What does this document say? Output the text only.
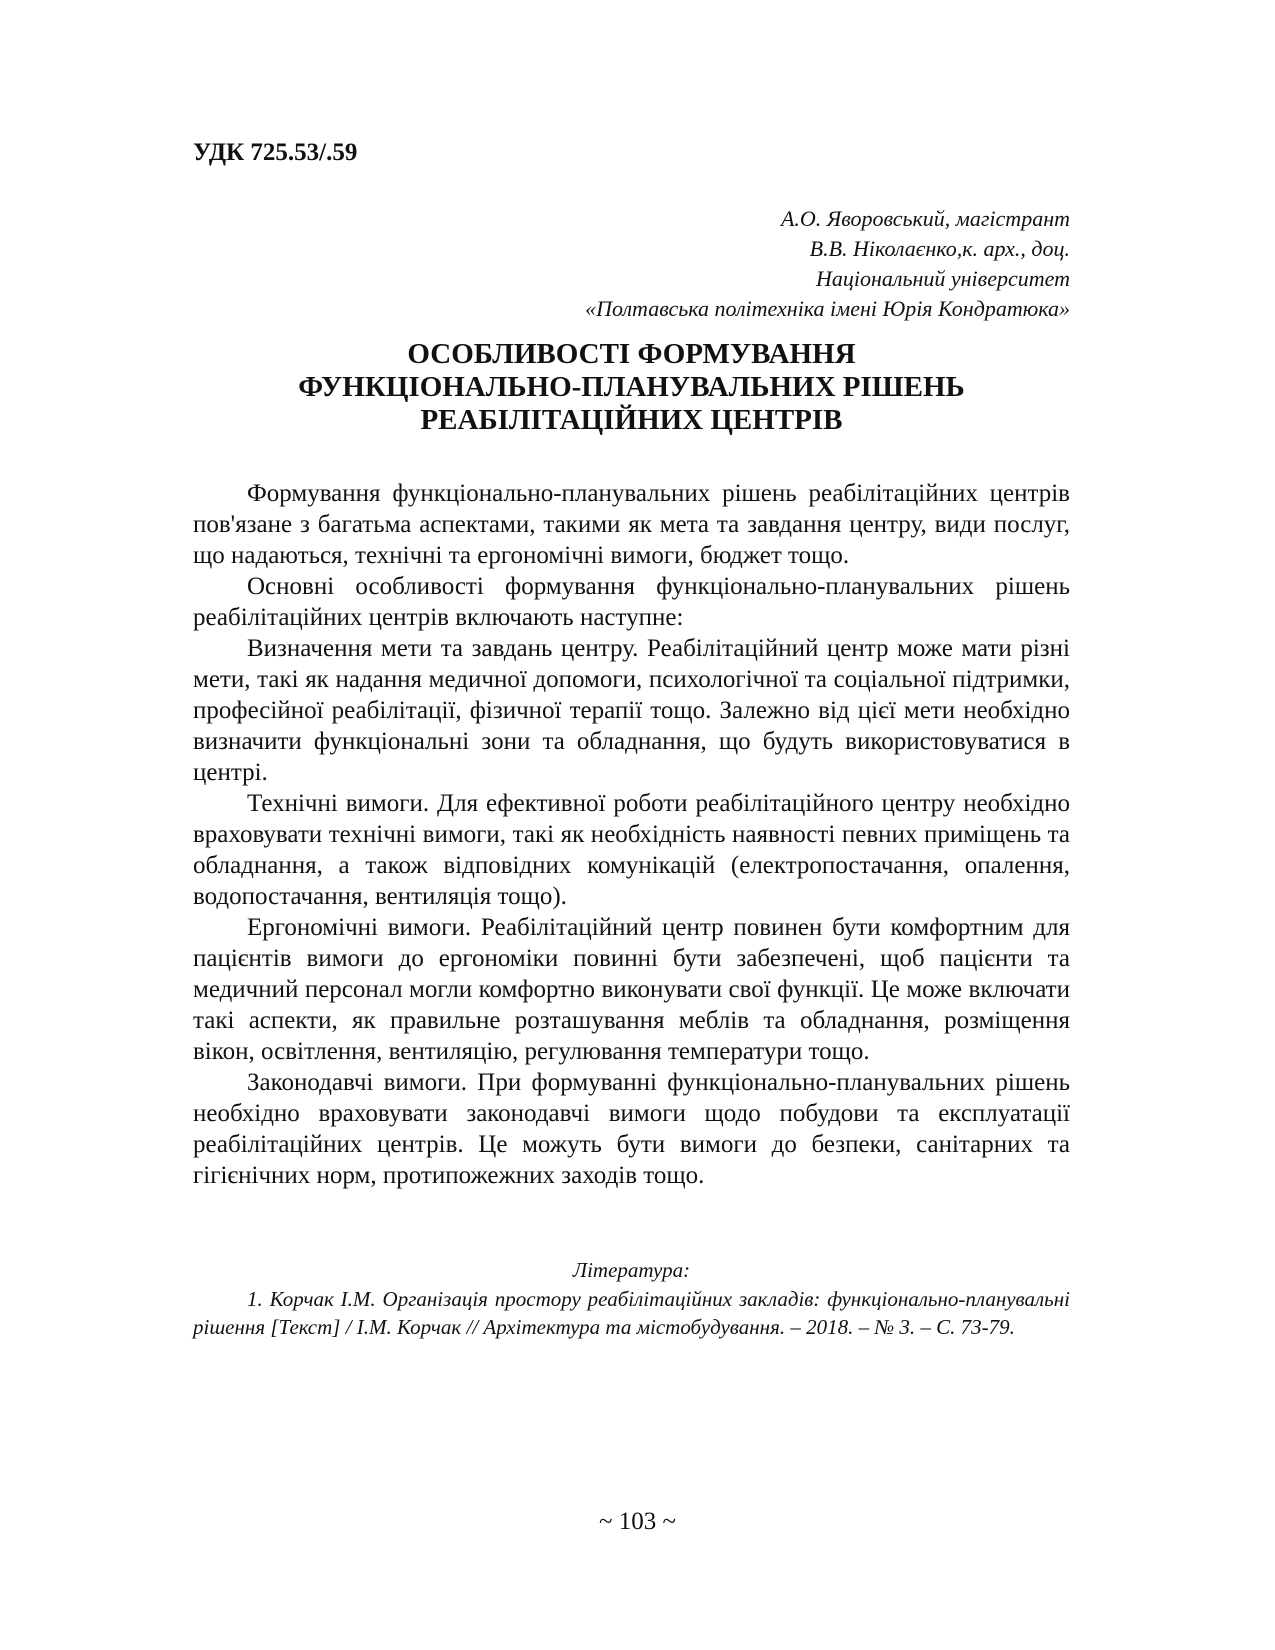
УДК 725.53/.59

А.О. Яворовський, магістрант
В.В. Ніколаєнко,к. арх., доц.
Національний університет
«Полтавська політехніка імені Юрія Кондратюка»
ОСОБЛИВОСТІ ФОРМУВАННЯ
ФУНКЦІОНАЛЬНО-ПЛАНУВАЛЬНИХ РІШЕНЬ
РЕАБІЛІТАЦІЙНИХ ЦЕНТРІВ

Формування функціонально-планувальних рішень реабілітаційних центрів пов'язане з багатьма аспектами, такими як мета та завдання центру, види послуг, що надаються, технічні та ергономічні вимоги, бюджет тощо.

Основні особливості формування функціонально-планувальних рішень реабілітаційних центрів включають наступне:

Визначення мети та завдань центру. Реабілітаційний центр може мати різні мети, такі як надання медичної допомоги, психологічної та соціальної підтримки, професійної реабілітації, фізичної терапії тощо. Залежно від цієї мети необхідно визначити функціональні зони та обладнання, що будуть використовуватися в центрі.

Технічні вимоги. Для ефективної роботи реабілітаційного центру необхідно враховувати технічні вимоги, такі як необхідність наявності певних приміщень та обладнання, а також відповідних комунікацій (електропостачання, опалення, водопостачання, вентиляція тощо).

Ергономічні вимоги. Реабілітаційний центр повинен бути комфортним для пацієнтів вимоги до ергономіки повинні бути забезпечені, щоб пацієнти та медичний персонал могли комфортно виконувати свої функції. Це може включати такі аспекти, як правильне розташування меблів та обладнання, розміщення вікон, освітлення, вентиляцію, регулювання температури тощо.

Законодавчі вимоги. При формуванні функціонально-планувальних рішень необхідно враховувати законодавчі вимоги щодо побудови та експлуатації реабілітаційних центрів. Це можуть бути вимоги до безпеки, санітарних та гігієнічних норм, протипожежних заходів тощо.

Література:

1. Корчак І.М. Організація простору реабілітаційних закладів: функціонально-планувальні рішення [Текст] / І.М. Корчак // Архітектура та містобудування. – 2018. – № 3. – С. 73-79.

~ 103 ~
